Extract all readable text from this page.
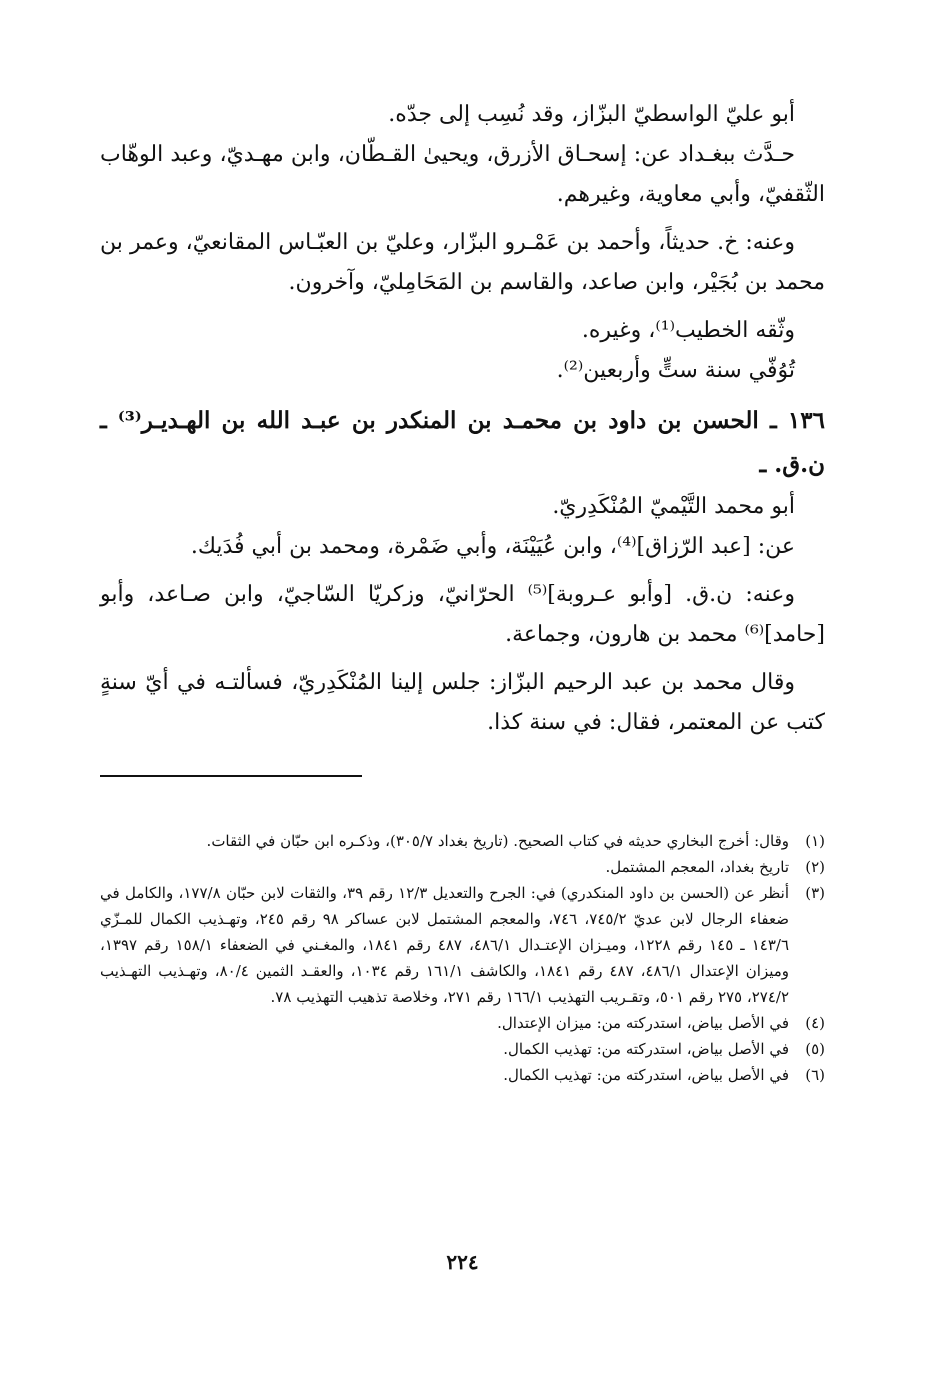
أبو عليّ الواسطيّ البزّاز، وقد نُسِب إلى جدّه.

حـدَّث ببغـداد عن: إسحـاق الأزرق، ويحيىٰ القـطّان، وابن مهـديّ، وعبد الوهّاب الثّقفيّ، وأبي معاوية، وغيرهم.

وعنه: خ. حديثاً، وأحمد بن عَمْـرو البزّار، وعليّ بن العبّـاس المقانعيّ، وعمر بن محمد بن بُجَيْر، وابن صاعد، والقاسم بن المَحَامِليّ، وآخرون.

وثّقه الخطيب⁽¹⁾، وغيره.

تُوُفّي سنة ستٍّ وأربعين⁽²⁾.

١٣٦ ـ الحسن بن داود بن محمـد بن المنكدر بن عبـد الله بن الهـديـر⁽³⁾ ـ ن.ق. ـ

أبو محمد التَّيْميّ المُنْكَدِريّ.

عن: [عبد الرّزاق]⁽⁴⁾، وابن عُيَيْنَة، وأبي ضَمْرة، ومحمد بن أبي فُدَيك.

وعنه: ن.ق. [وأبو عـروبة]⁽⁵⁾ الحرّانيّ، وزكريّا السّاجيّ، وابن صـاعد، وأبو [حامد]⁽⁶⁾ محمد بن هارون، وجماعة.

وقال محمد بن عبد الرحيم البزّاز: جلس إلينا المُنْكَدِريّ، فسألتـه في أيّ سنةٍ كتب عن المعتمر، فقال: في سنة كذا.

(١)
وقال: أخرج البخاري حديثه في كتاب الصحيح. (تاريخ بغداد ٣٠٥/٧)، وذكـره ابن حبّان في الثقات.
(٢)
تاريخ بغداد، المعجم المشتمل.
(٣)
أنظر عن (الحسن بن داود المنكدري) في: الجرح والتعديل ١٢/٣ رقم ٣٩، والثقات لابن حبّان ١٧٧/٨، والكامل في ضعفاء الرجال لابن عديّ ٧٤٥/٢، ٧٤٦، والمعجم المشتمل لابن عساكر ٩٨ رقم ٢٤٥، وتهـذيب الكمال للمـزّي ١٤٣/٦ ـ ١٤٥ رقم ١٢٢٨، وميـزان الإعتـدال ٤٨٦/١، ٤٨٧ رقم ١٨٤١، والمغـني في الضعفاء ١٥٨/١ رقم ١٣٩٧، وميزان الإعتدال ٤٨٦/١، ٤٨٧ رقم ١٨٤١، والكاشف ١٦١/١ رقم ١٠٣٤، والعقـد الثمين ٨٠/٤، وتهـذيب التهـذيب ٢٧٤/٢، ٢٧٥ رقم ٥٠١، وتقـريب التهذيب ١٦٦/١ رقم ٢٧١، وخلاصة تذهيب التهذيب ٧٨.
(٤)
في الأصل بياض، استدركته من: ميزان الإعتدال.
(٥)
في الأصل بياض، استدركته من: تهذيب الكمال.
(٦)
في الأصل بياض، استدركته من: تهذيب الكمال.
٢٢٤
